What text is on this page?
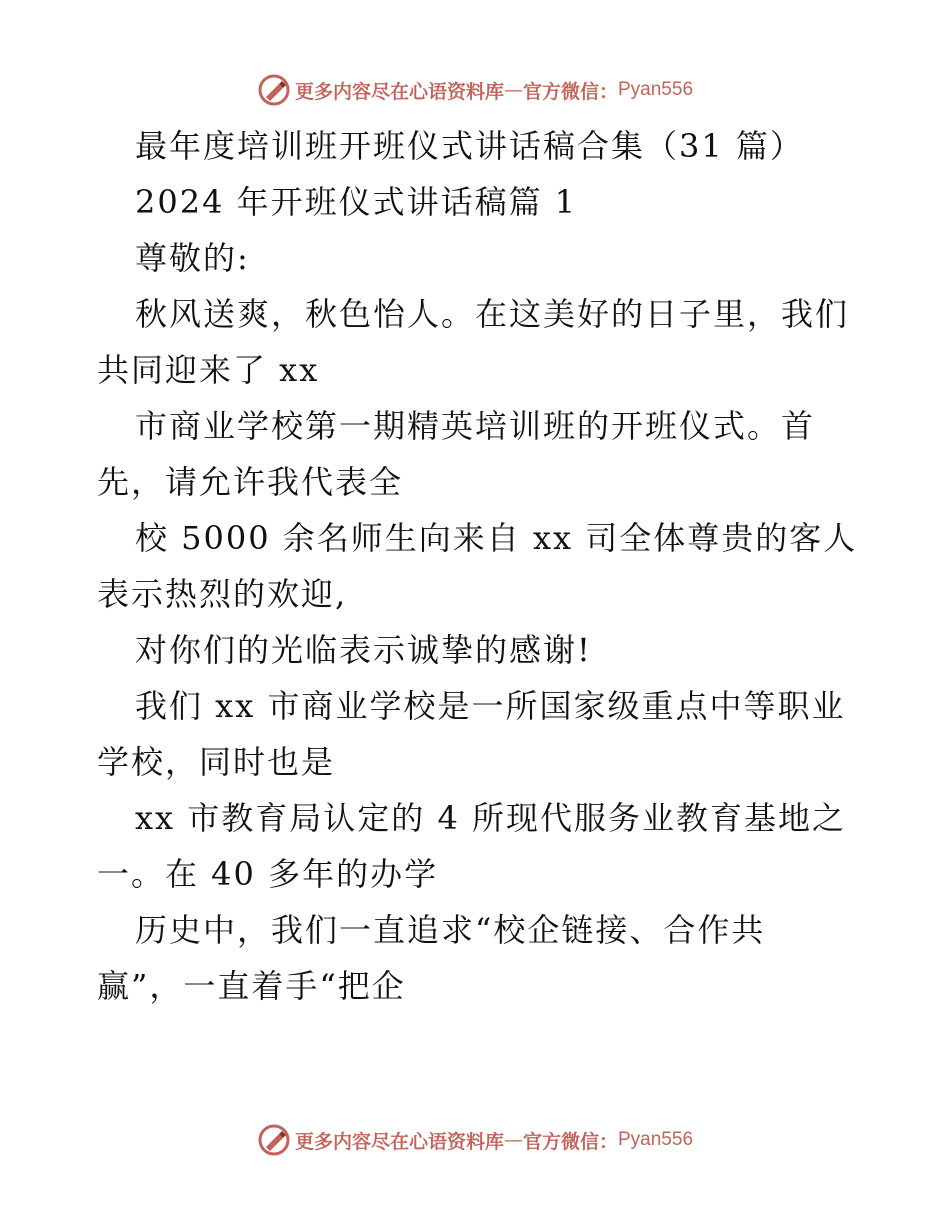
更多内容尽在心语资料库 — 官方微信： Pyan556
最年度培训班开班仪式讲话稿合集（31 篇）
2024 年开班仪式讲话稿篇 1
尊敬的:
秋风送爽，秋色怡人。在这美好的日子里，我们
共同迎来了 xx
市商业学校第一期精英培训班的开班仪式。首
先，请允许我代表全
校 5000 余名师生向来自 xx 司全体尊贵的客人
表示热烈的欢迎,
对你们的光临表示诚挚的感谢!
我们 xx 市商业学校是一所国家级重点中等职业
学校，同时也是
xx 市教育局认定的 4 所现代服务业教育基地之
一。在 40 多年的办学
历史中，我们一直追求“校企链接、合作共
赢”，一直着手“把企
更多内容尽在心语资料库 — 官方微信： Pyan556
